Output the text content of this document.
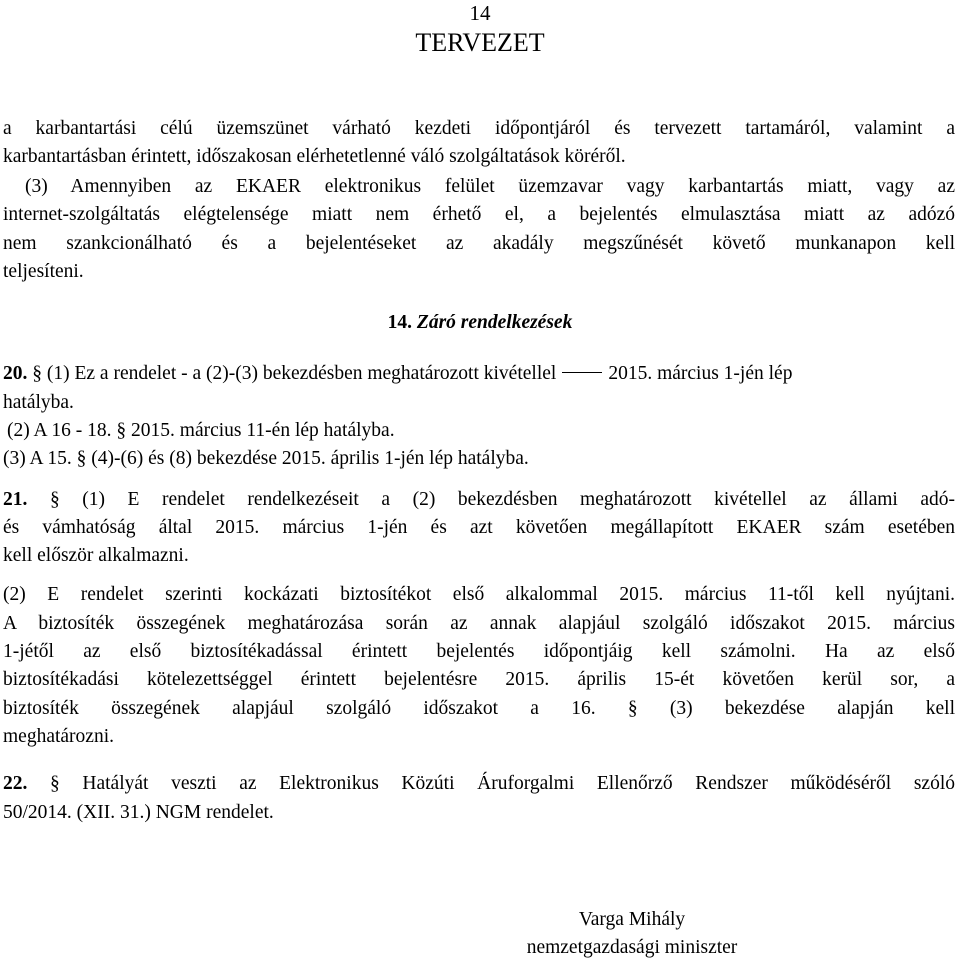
14
TERVEZET
a karbantartási célú üzemszünet várható kezdeti időpontjáról és tervezett tartamáról, valamint a
karbantartásban érintett, időszakosan elérhetetlenné váló szolgáltatások köréről.
(3) Amennyiben az EKAER elektronikus felület üzemzavar vagy karbantartás miatt, vagy az
internet-szolgáltatás elégtelensége miatt nem érhető el, a bejelentés elmulasztása miatt az adózó
nem szankcionálható és a bejelentéseket az akadály megszűnését követő munkanapon kell
teljesíteni.
14. Záró rendelkezések
20. § (1) Ez a rendelet - a (2)-(3) bekezdésben meghatározott kivétellel	2015. március 1-jén lép
hatályba.
(2) A 16 - 18. § 2015. március 11-én lép hatályba.
(3) A 15. § (4)-(6) és (8) bekezdése 2015. április 1-jén lép hatályba.
21. § (1) E rendelet rendelkezéseit a (2) bekezdésben meghatározott kivétellel az állami adó-
és vámhatóság által 2015. március 1-jén és azt követően megállapított EKAER szám esetében
kell először alkalmazni.
(2) E rendelet szerinti kockázati biztosítékot első alkalommal 2015. március 11-től kell nyújtani.
A biztosíték összegének meghatározása során az annak alapjául szolgáló időszakot 2015. március
1-jétől az első biztosítékadással érintett bejelentés időpontjáig kell számolni. Ha az első
biztosítékadási kötelezettséggel érintett bejelentésre 2015. április 15-ét követően kerül sor, a
biztosíték összegének alapjául szolgáló időszakot a 16. § (3) bekezdése alapján kell
meghatározni.
22. § Hatályát veszti az Elektronikus Közúti Áruforgalmi Ellenőrző Rendszer működéséről szóló
50/2014. (XII. 31.) NGM rendelet.
Varga Mihály
nemzetgazdasági miniszter
